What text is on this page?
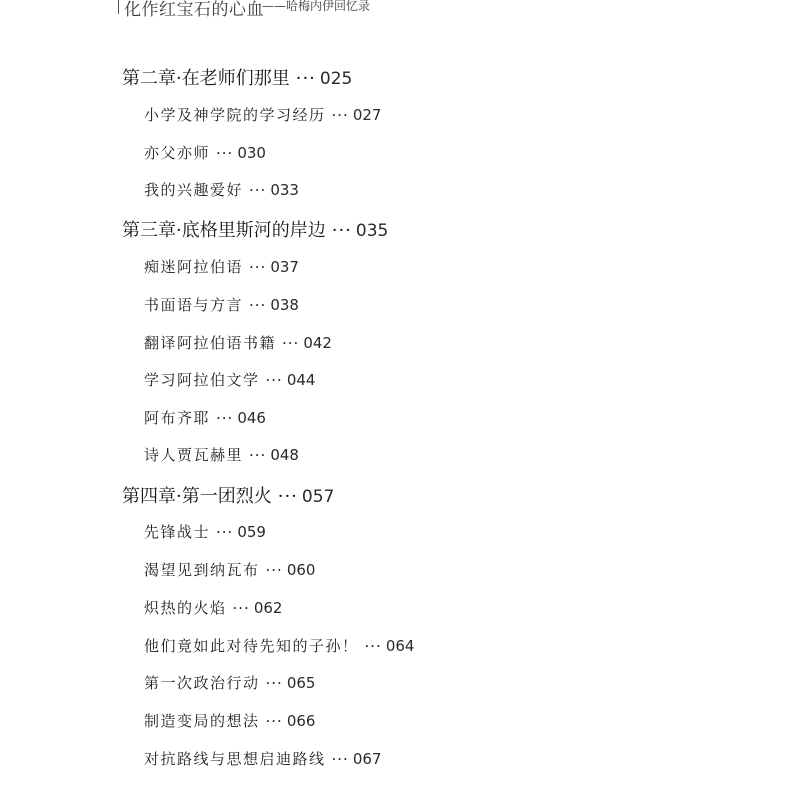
化作红宝石的心血
——哈梅内伊回忆录
第二章·在老师们那里 ··· 025
小学及神学院的学习经历 ··· 027
亦父亦师 ··· 030
我的兴趣爱好 ··· 033
第三章·底格里斯河的岸边 ··· 035
痴迷阿拉伯语 ··· 037
书面语与方言 ··· 038
翻译阿拉伯语书籍 ··· 042
学习阿拉伯文学 ··· 044
阿布齐耶 ··· 046
诗人贾瓦赫里 ··· 048
第四章·第一团烈火 ··· 057
先锋战士 ··· 059
渴望见到纳瓦布 ··· 060
炽热的火焰 ··· 062
他们竟如此对待先知的子孙！ ··· 064
第一次政治行动 ··· 065
制造变局的想法 ··· 066
对抗路线与思想启迪路线 ··· 067
